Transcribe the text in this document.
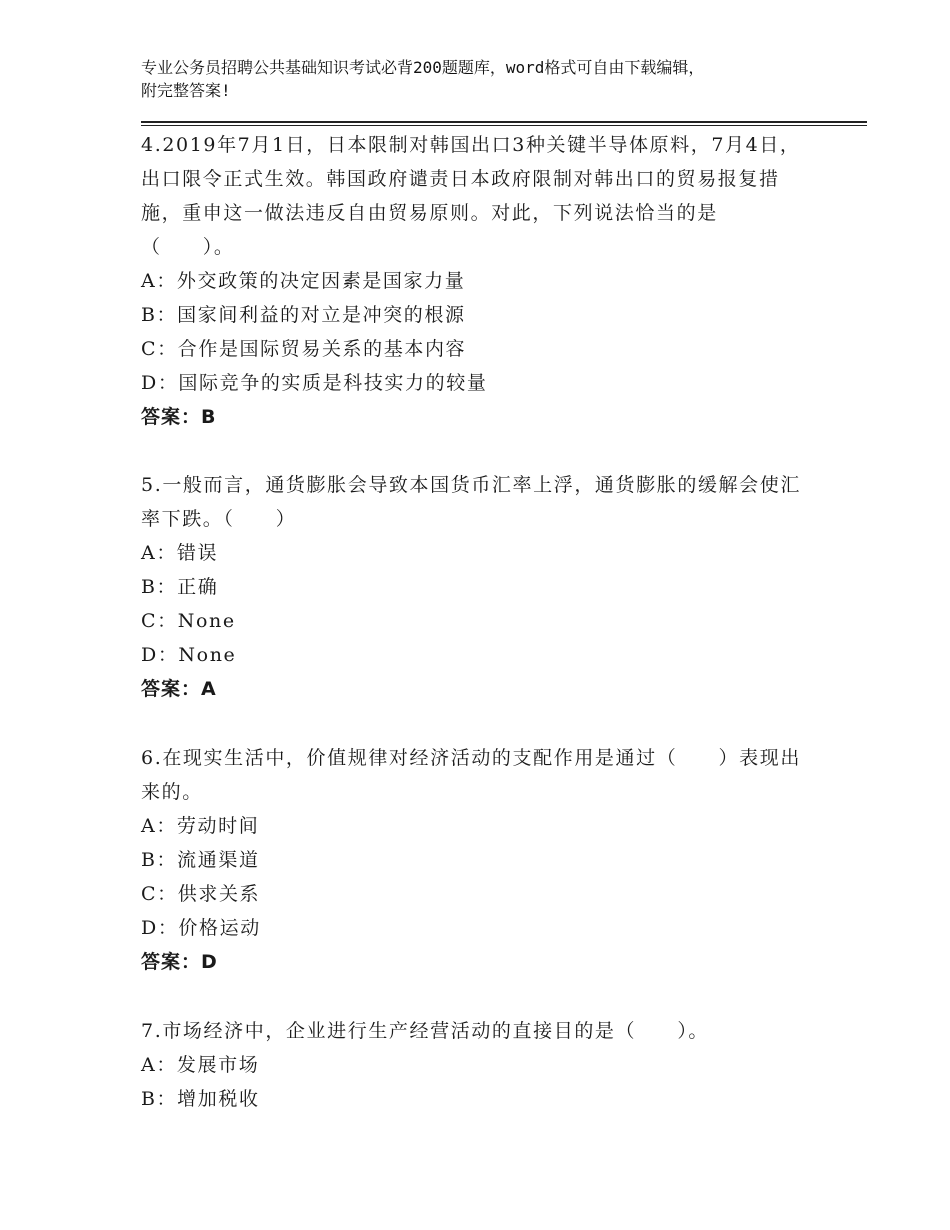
专业公务员招聘公共基础知识考试必背200题题库，word格式可自由下载编辑，
附完整答案!

4.2019年7月1日，日本限制对韩国出口3种关键半导体原料，7月4日，出口限令正式生效。韩国政府谴责日本政府限制对韩出口的贸易报复措施，重申这一做法违反自由贸易原则。对此，下列说法恰当的是（　　）。

A：外交政策的决定因素是国家力量

B：国家间利益的对立是冲突的根源

C：合作是国际贸易关系的基本内容

D：国际竞争的实质是科技实力的较量

答案：B

5.一般而言，通货膨胀会导致本国货币汇率上浮，通货膨胀的缓解会使汇率下跌。（　　）

A：错误

B：正确

C：None

D：None

答案：A

6.在现实生活中，价值规律对经济活动的支配作用是通过（　　）表现出来的。

A：劳动时间

B：流通渠道

C：供求关系

D：价格运动

答案：D

7.市场经济中，企业进行生产经营活动的直接目的是（　　）。

A：发展市场

B：增加税收
